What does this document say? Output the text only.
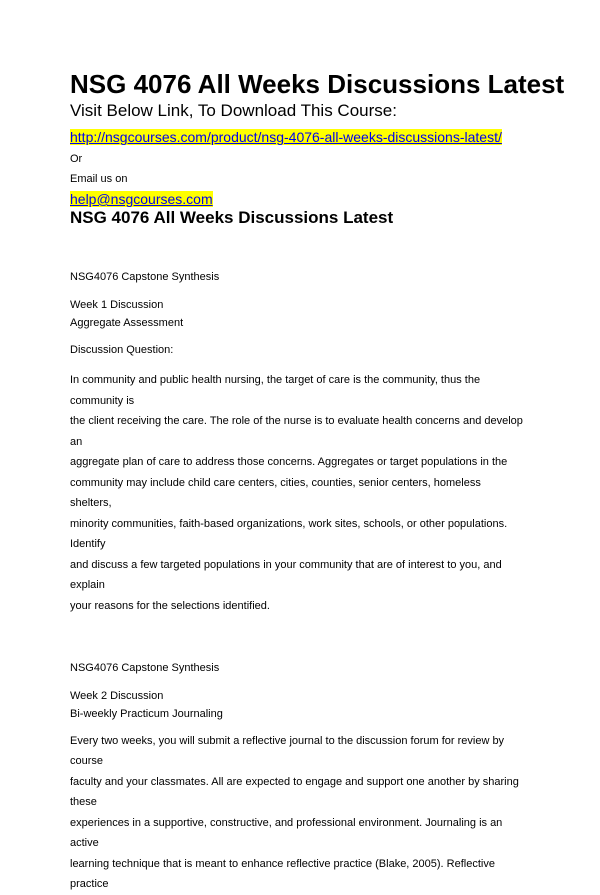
NSG 4076 All Weeks Discussions Latest

Visit Below Link, To Download This Course:

http://nsgcourses.com/product/nsg-4076-all-weeks-discussions-latest/

Or

Email us on

help@nsgcourses.com
NSG 4076 All Weeks Discussions Latest

NSG4076 Capstone Synthesis

Week 1 Discussion

Aggregate Assessment

Discussion Question:

In community and public health nursing, the target of care is the community, thus the community is
the client receiving the care. The role of the nurse is to evaluate health concerns and develop an
aggregate plan of care to address those concerns. Aggregates or target populations in the
community may include child care centers, cities, counties, senior centers, homeless shelters,
minority communities, faith-based organizations, work sites, schools, or other populations. Identify
and discuss a few targeted populations in your community that are of interest to you, and explain
your reasons for the selections identified.

NSG4076 Capstone Synthesis

Week 2 Discussion

Bi-weekly Practicum Journaling

Every two weeks, you will submit a reflective journal to the discussion forum for review by course
faculty and your classmates. All are expected to engage and support one another by sharing these
experiences in a supportive, constructive, and professional environment. Journaling is an active
learning technique that is meant to enhance reflective practice (Blake, 2005). Reflective practice
